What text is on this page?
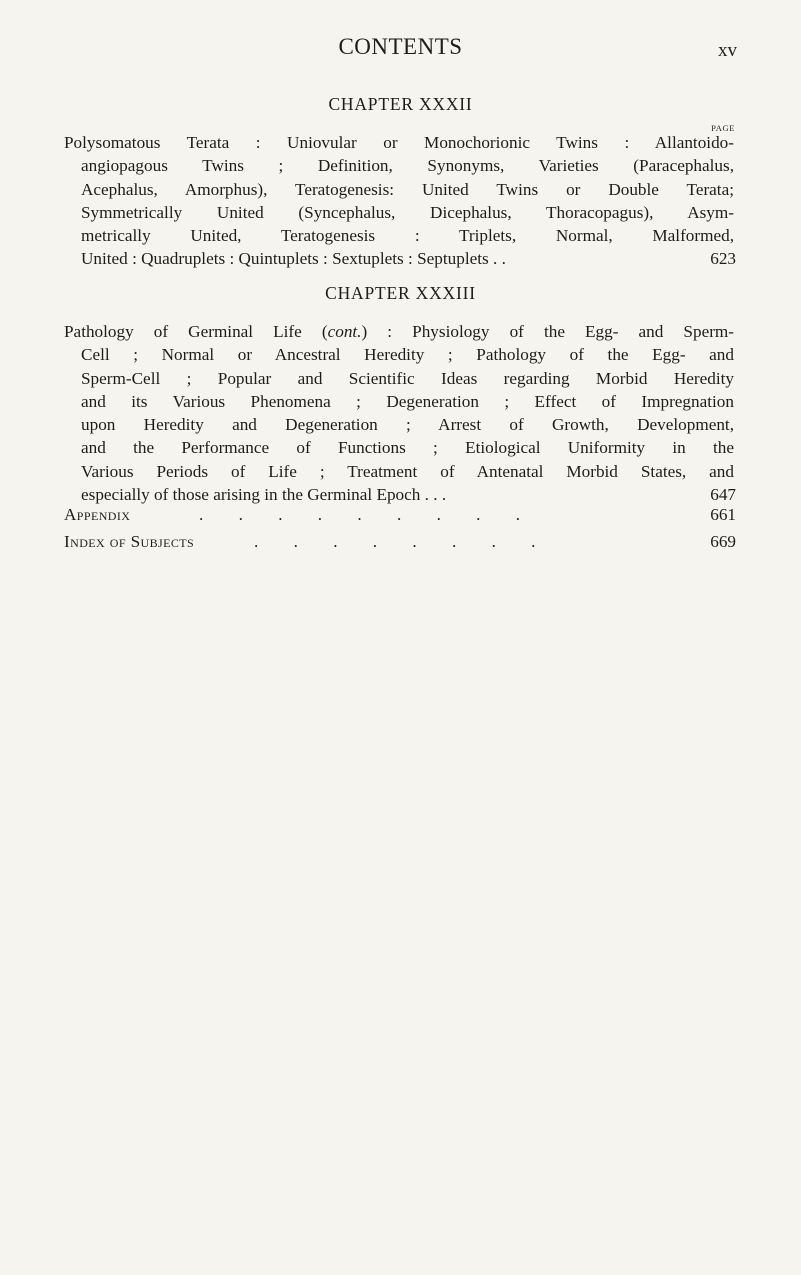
CONTENTS	xv
CHAPTER XXXII
PAGE
Polysomatous Terata : Uniovular or Monochorionic Twins : Allantoido-
angiopagous Twins ; Definition, Synonyms, Varieties (Paracephalus,
Acephalus, Amorphus), Teratogenesis: United Twins or Double Terata;
Symmetrically United (Syncephalus, Dicephalus, Thoracopagus), Asym-
metrically United, Teratogenesis : Triplets, Normal, Malformed,
United : Quadruplets : Quintuplets : Sextuplets : Septuplets . .	623
CHAPTER XXXIII
Pathology of Germinal Life (cont.) : Physiology of the Egg- and Sperm-
Cell ; Normal or Ancestral Heredity ; Pathology of the Egg- and
Sperm-Cell ; Popular and Scientific Ideas regarding Morbid Heredity
and its Various Phenomena ; Degeneration ; Effect of Impregnation
upon Heredity and Degeneration ; Arrest of Growth, Development,
and the Performance of Functions ; Etiological Uniformity in the
Various Periods of Life ; Treatment of Antenatal Morbid States, and
especially of those arising in the Germinal Epoch . . .	647
Appendix	. . . . . . . . .	661
Index of Subjects	. . . . . . . .	669
